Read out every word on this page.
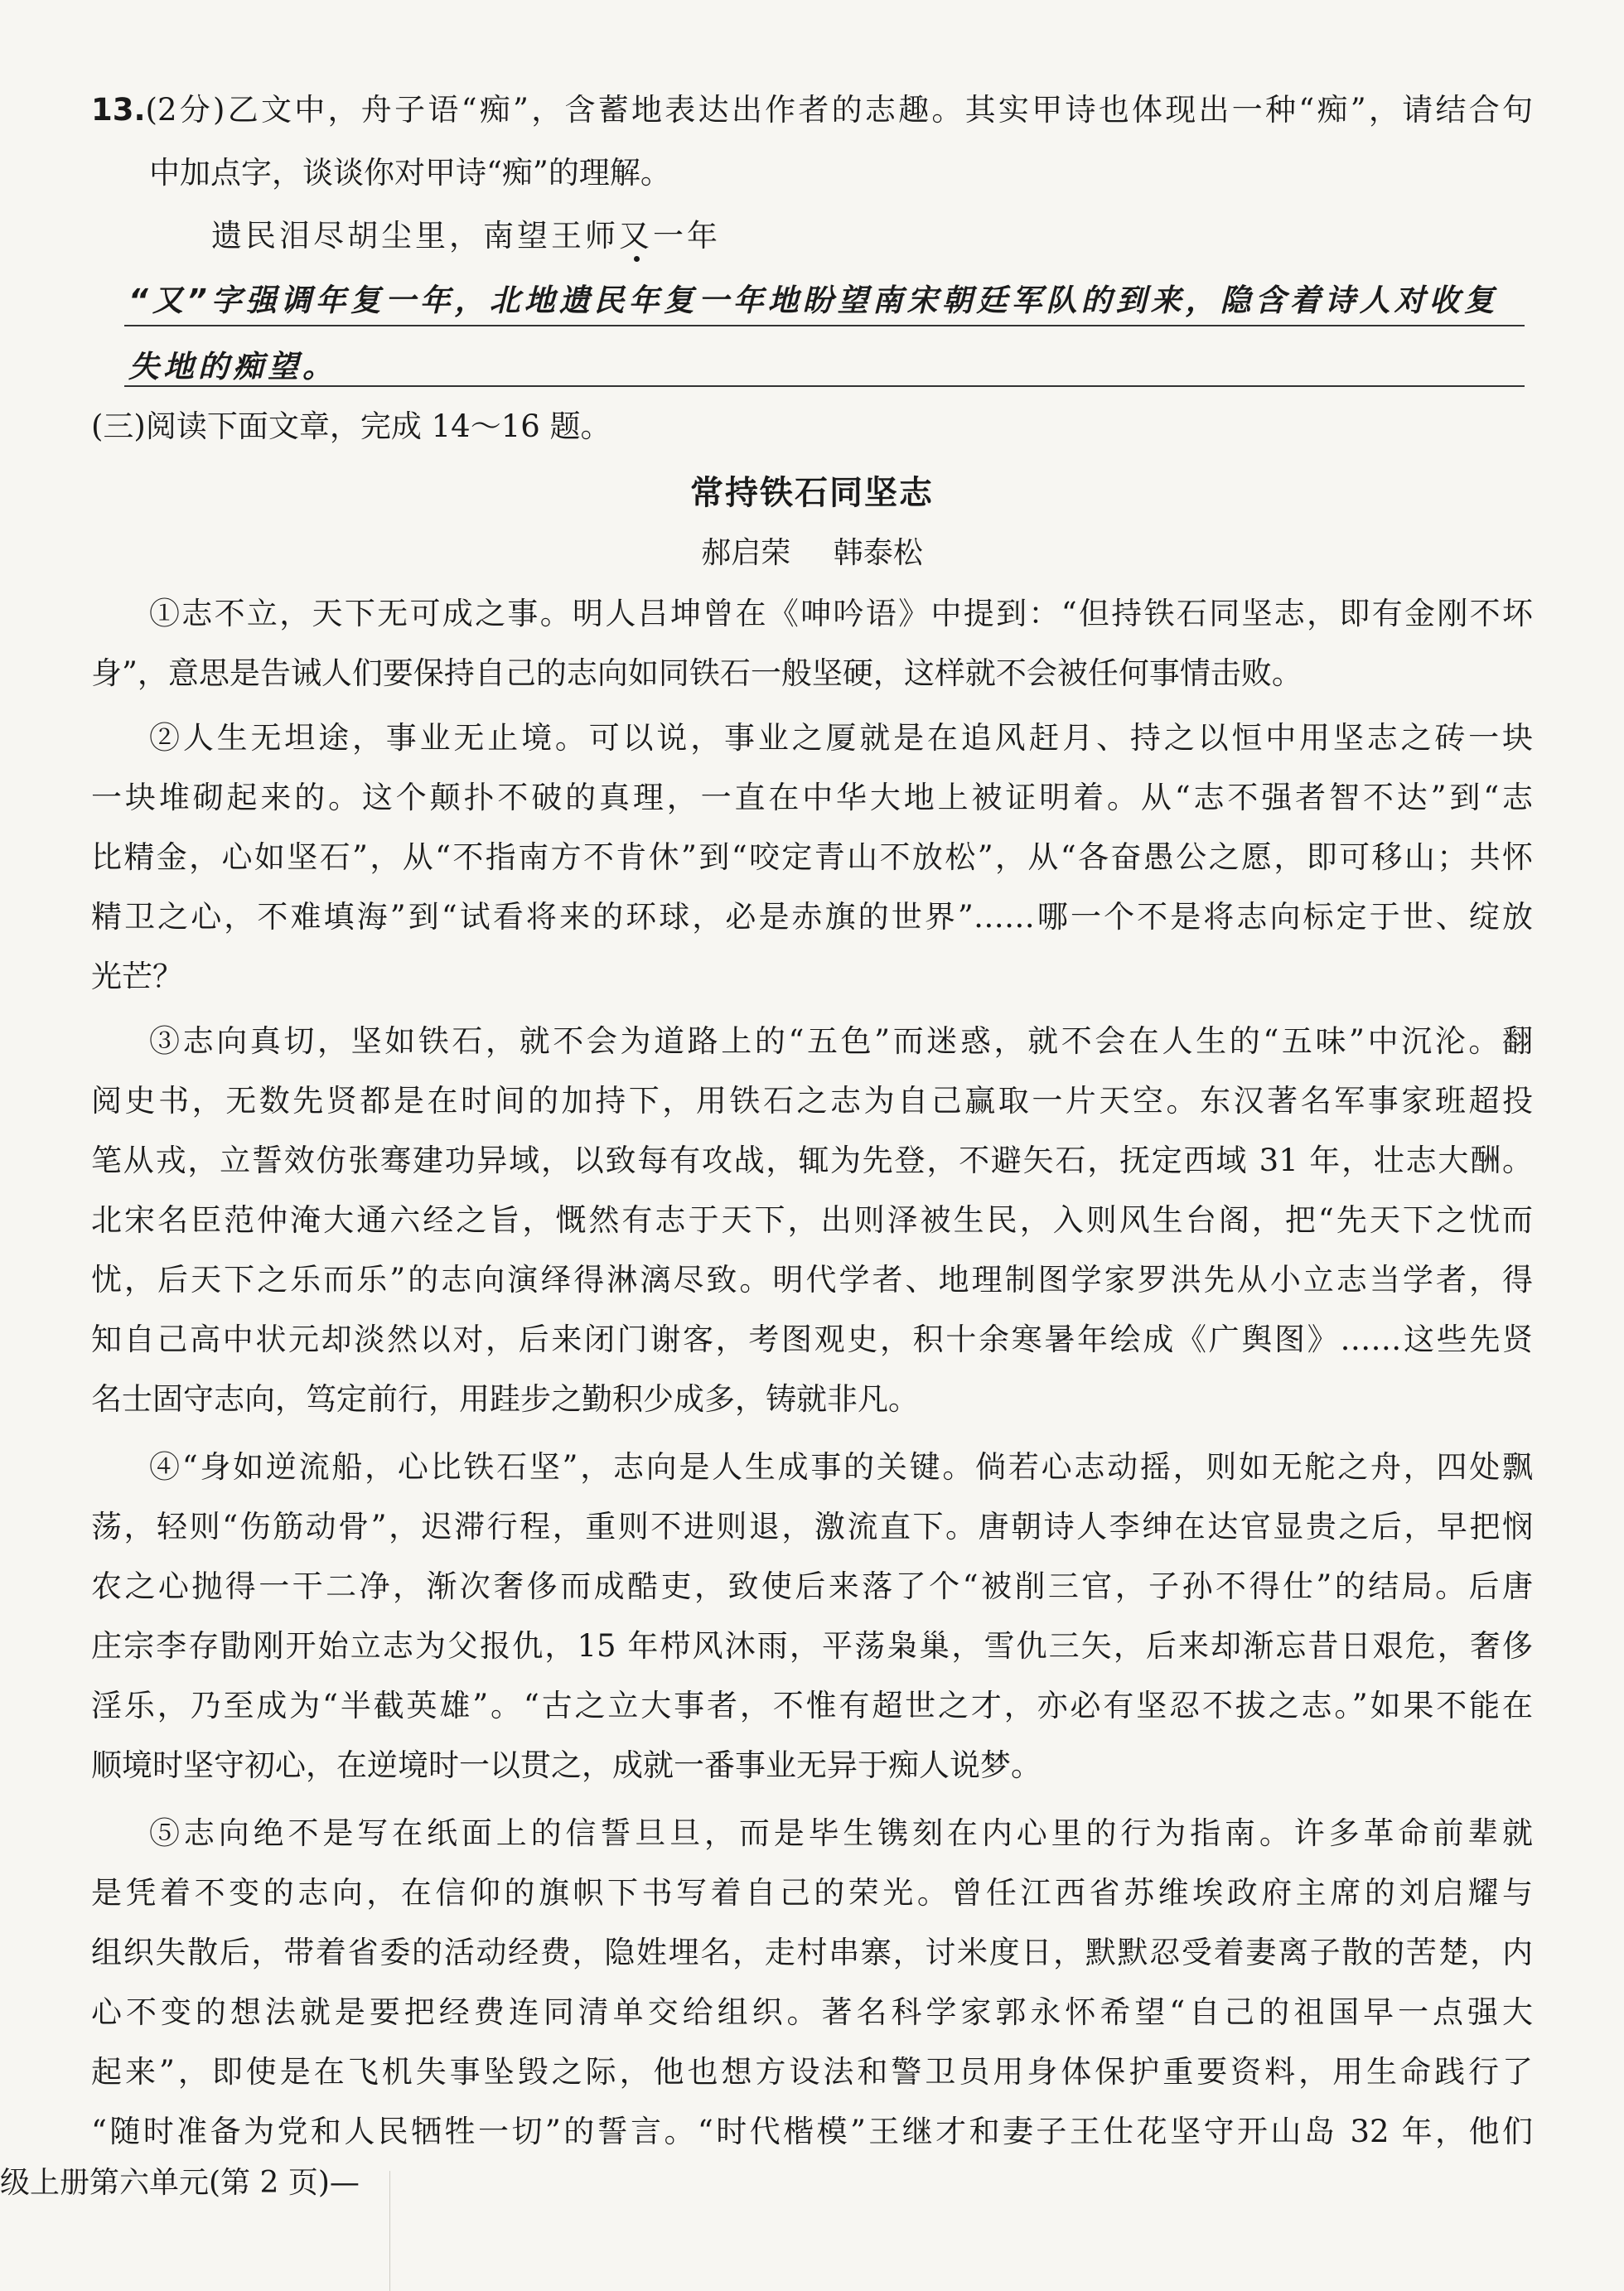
13.(2分)乙文中，舟子语“痴”，含蓄地表达出作者的志趣。其实甲诗也体现出一种“痴”，请结合句
中加点字，谈谈你对甲诗“痴”的理解。
遗民泪尽胡尘里，南望王师又一年
“又”字强调年复一年，北地遗民年复一年地盼望南宋朝廷军队的到来，隐含着诗人对收复
失地的痴望。
(三)阅读下面文章，完成 14～16 题。
常持铁石同坚志
郝启荣 韩泰松
①志不立，天下无可成之事。明人吕坤曾在《呻吟语》中提到：“但持铁石同坚志，即有金刚不坏
身”，意思是告诫人们要保持自己的志向如同铁石一般坚硬，这样就不会被任何事情击败。
②人生无坦途，事业无止境。可以说，事业之厦就是在追风赶月、持之以恒中用坚志之砖一块
一块堆砌起来的。这个颠扑不破的真理，一直在中华大地上被证明着。从“志不强者智不达”到“志
比精金，心如坚石”，从“不指南方不肯休”到“咬定青山不放松”，从“各奋愚公之愿，即可移山；共怀
精卫之心，不难填海”到“试看将来的环球，必是赤旗的世界”……哪一个不是将志向标定于世、绽放
光芒？
③志向真切，坚如铁石，就不会为道路上的“五色”而迷惑，就不会在人生的“五味”中沉沦。翻
阅史书，无数先贤都是在时间的加持下，用铁石之志为自己赢取一片天空。东汉著名军事家班超投
笔从戎，立誓效仿张骞建功异域，以致每有攻战，辄为先登，不避矢石，抚定西域 31 年，壮志大酬。
北宋名臣范仲淹大通六经之旨，慨然有志于天下，出则泽被生民，入则风生台阁，把“先天下之忧而
忧，后天下之乐而乐”的志向演绎得淋漓尽致。明代学者、地理制图学家罗洪先从小立志当学者，得
知自己高中状元却淡然以对，后来闭门谢客，考图观史，积十余寒暑年绘成《广舆图》……这些先贤
名士固守志向，笃定前行，用跬步之勤积少成多，铸就非凡。
④“身如逆流船，心比铁石坚”，志向是人生成事的关键。倘若心志动摇，则如无舵之舟，四处飘
荡，轻则“伤筋动骨”，迟滞行程，重则不进则退，激流直下。唐朝诗人李绅在达官显贵之后，早把悯
农之心抛得一干二净，渐次奢侈而成酷吏，致使后来落了个“被削三官，子孙不得仕”的结局。后唐
庄宗李存勖刚开始立志为父报仇，15 年栉风沐雨，平荡枭巢，雪仇三矢，后来却渐忘昔日艰危，奢侈
淫乐，乃至成为“半截英雄”。“古之立大事者，不惟有超世之才，亦必有坚忍不拔之志。”如果不能在
顺境时坚守初心，在逆境时一以贯之，成就一番事业无异于痴人说梦。
⑤志向绝不是写在纸面上的信誓旦旦，而是毕生镌刻在内心里的行为指南。许多革命前辈就
是凭着不变的志向，在信仰的旗帜下书写着自己的荣光。曾任江西省苏维埃政府主席的刘启耀与
组织失散后，带着省委的活动经费，隐姓埋名，走村串寨，讨米度日，默默忍受着妻离子散的苦楚，内
心不变的想法就是要把经费连同清单交给组织。著名科学家郭永怀希望“自己的祖国早一点强大
起来”，即使是在飞机失事坠毁之际，他也想方设法和警卫员用身体保护重要资料，用生命践行了
“随时准备为党和人民牺牲一切”的誓言。“时代楷模”王继才和妻子王仕花坚守开山岛 32 年，他们
级上册第六单元(第 2 页)—
